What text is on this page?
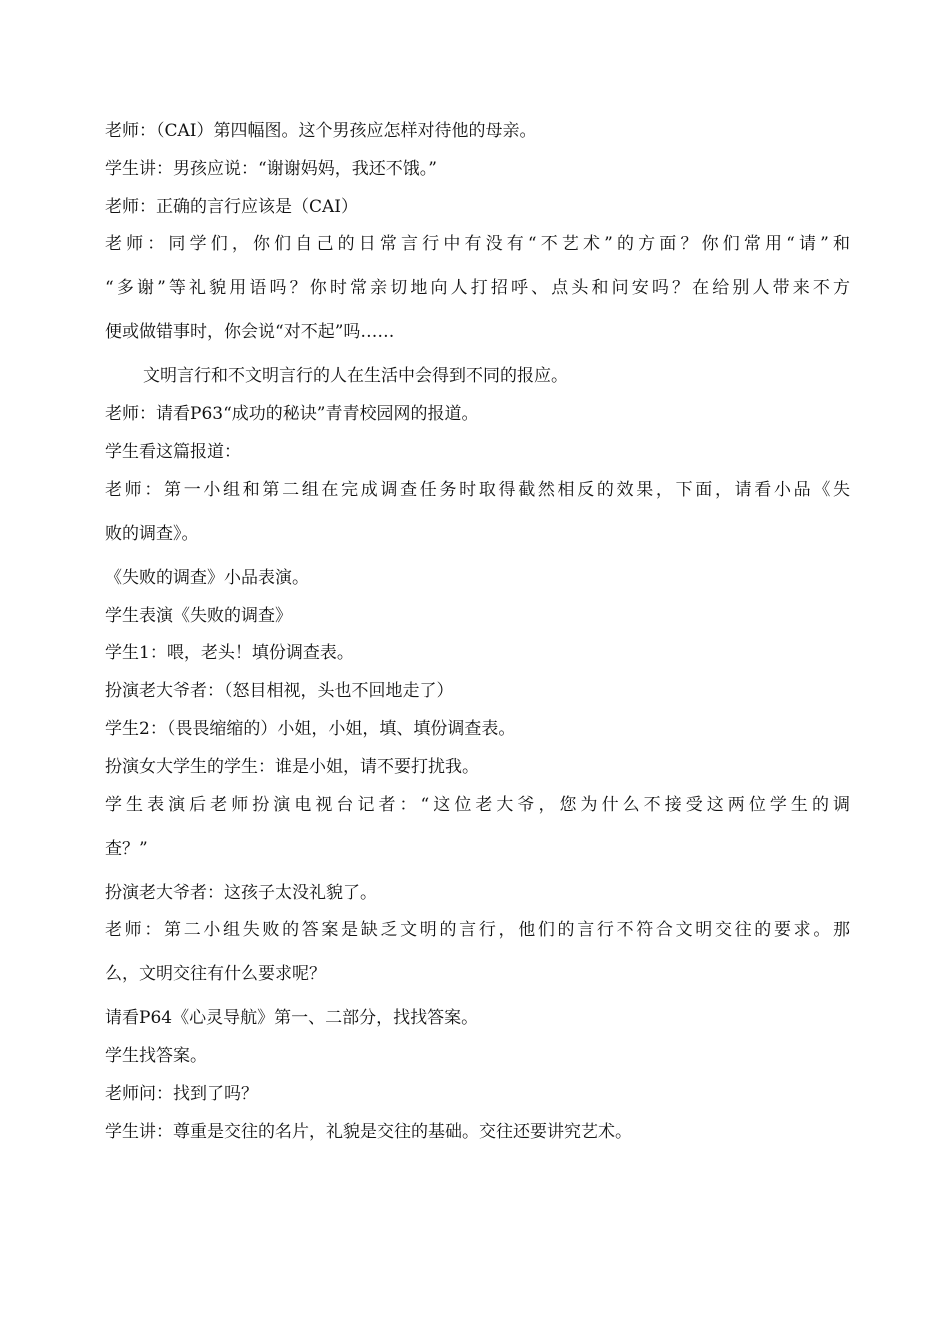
老师：（CAI）第四幅图。这个男孩应怎样对待他的母亲。
学生讲：男孩应说：“谢谢妈妈，我还不饿。”
老师：正确的言行应该是（CAI）
老师：同学们，你们自己的日常言行中有没有“不艺术”的方面？你们常用“请”和
“多谢”等礼貌用语吗？你时常亲切地向人打招呼、点头和问安吗？在给别人带来不方
便或做错事时，你会说“对不起”吗……
文明言行和不文明言行的人在生活中会得到不同的报应。
老师：请看P63“成功的秘诀”青青校园网的报道。
学生看这篇报道：
老师：第一小组和第二组在完成调查任务时取得截然相反的效果，下面，请看小品《失
败的调查》。
《失败的调查》小品表演。
学生表演《失败的调查》
学生1：喂，老头！填份调查表。
扮演老大爷者：（怒目相视，头也不回地走了）
学生2：（畏畏缩缩的）小姐，小姐，填、填份调查表。
扮演女大学生的学生：谁是小姐，请不要打扰我。
学生表演后老师扮演电视台记者：“这位老大爷，您为什么不接受这两位学生的调
查？”
扮演老大爷者：这孩子太没礼貌了。
老师：第二小组失败的答案是缺乏文明的言行，他们的言行不符合文明交往的要求。那
么，文明交往有什么要求呢？
请看P64《心灵导航》第一、二部分，找找答案。
学生找答案。
老师问：找到了吗？
学生讲：尊重是交往的名片，礼貌是交往的基础。交往还要讲究艺术。
